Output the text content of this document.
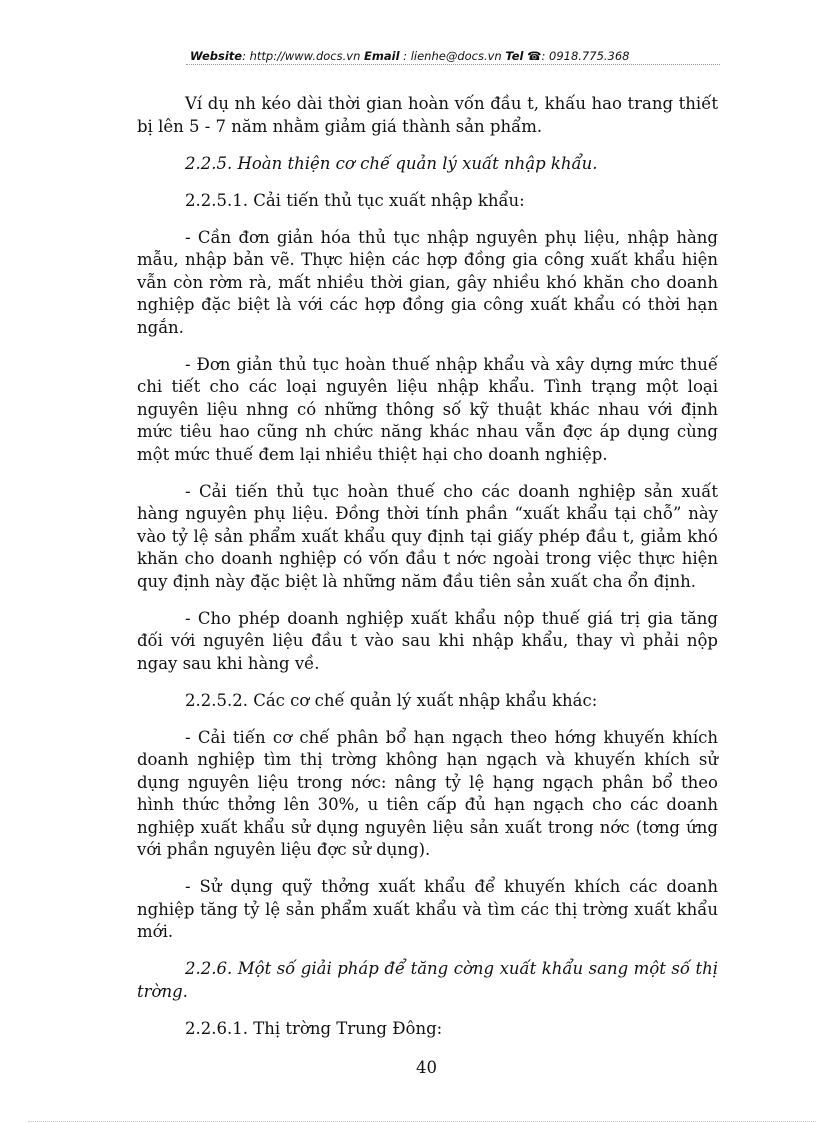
Website: http://www.docs.vn Email : lienhe@docs.vn Tel ☎: 0918.775.368

Ví dụ nh kéo dài thời gian hoàn vốn đầu t, khấu hao trang thiết bị lên 5 - 7 năm nhằm giảm giá thành sản phẩm.

2.2.5. Hoàn thiện cơ chế quản lý xuất nhập khẩu.

2.2.5.1. Cải tiến thủ tục xuất nhập khẩu:

- Cần đơn giản hóa thủ tục nhập nguyên phụ liệu, nhập hàng mẫu, nhập bản vẽ. Thực hiện các hợp đồng gia công xuất khẩu hiện vẫn còn rờm rà, mất nhiều thời gian, gây nhiều khó khăn cho doanh nghiệp đặc biệt là với các hợp đồng gia công xuất khẩu có thời hạn ngắn.

- Đơn giản thủ tục hoàn thuế nhập khẩu và xây dựng mức thuế chi tiết cho các loại nguyên liệu nhập khẩu. Tình trạng một loại nguyên liệu nhng có những thông số kỹ thuật khác nhau với định mức tiêu hao cũng nh chức năng khác nhau vẫn đợc áp dụng cùng một mức thuế đem lại nhiều thiệt hại cho doanh nghiệp.

- Cải tiến thủ tục hoàn thuế cho các doanh nghiệp sản xuất hàng nguyên phụ liệu. Đồng thời tính phần “xuất khẩu tại chỗ” này vào tỷ lệ sản phẩm xuất khẩu quy định tại giấy phép đầu t, giảm khó khăn cho doanh nghiệp có vốn đầu t nớc ngoài trong việc thực hiện quy định này đặc biệt là những năm đầu tiên sản xuất cha ổn định.

- Cho phép doanh nghiệp xuất khẩu nộp thuế giá trị gia tăng đối với nguyên liệu đầu t vào sau khi nhập khẩu, thay vì phải nộp ngay sau khi hàng về.

2.2.5.2. Các cơ chế quản lý xuất nhập khẩu khác:

- Cải tiến cơ chế phân bổ hạn ngạch theo hớng khuyến khích doanh nghiệp tìm thị trờng không hạn ngạch và khuyến khích sử dụng nguyên liệu trong nớc: nâng tỷ lệ hạng ngạch phân bổ theo hình thức thởng lên 30%, u tiên cấp đủ hạn ngạch cho các doanh nghiệp xuất khẩu sử dụng nguyên liệu sản xuất trong nớc (tơng ứng với phần nguyên liệu đợc sử dụng).

- Sử dụng quỹ thởng xuất khẩu để khuyến khích các doanh nghiệp tăng tỷ lệ sản phẩm xuất khẩu và tìm các thị trờng xuất khẩu mới.

2.2.6. Một số giải pháp để tăng cờng xuất khẩu sang một số thị trờng.

2.2.6.1. Thị trờng Trung Đông:

40
